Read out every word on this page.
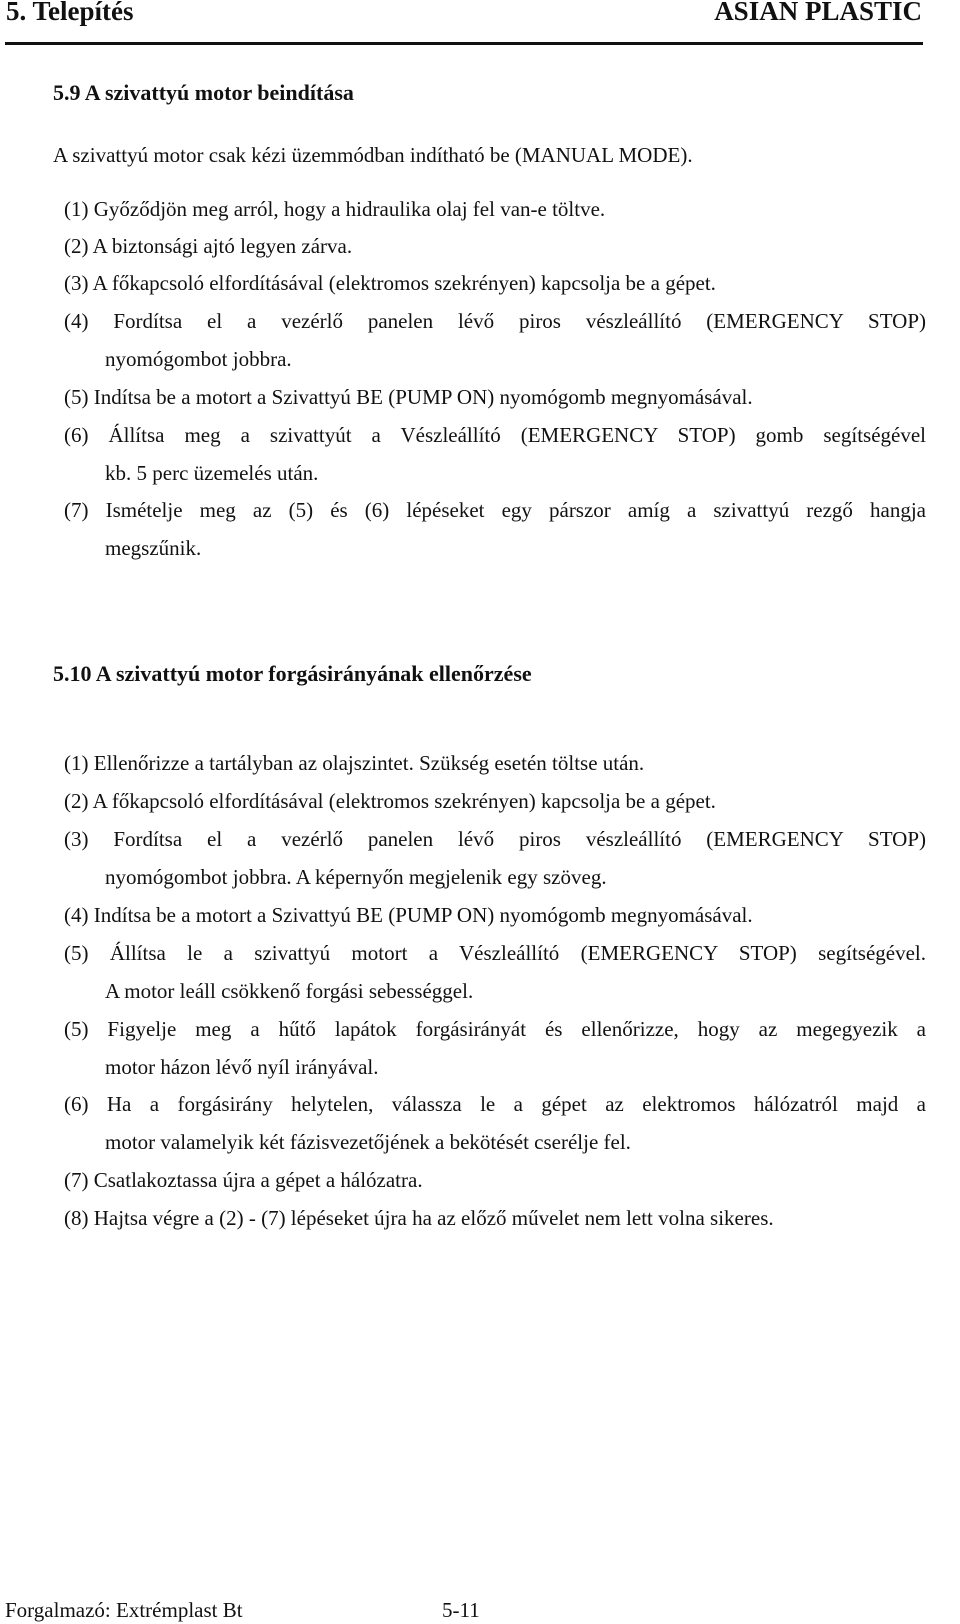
5. Telepítés	ASIAN PLASTIC
5.9 A szivattyú motor beindítása
A szivattyú motor csak kézi üzemmódban indítható be (MANUAL MODE).
(1) Győződjön meg arról, hogy a hidraulika olaj fel van-e töltve.
(2) A biztonsági ajtó legyen zárva.
(3) A főkapcsoló elfordításával (elektromos szekrényen) kapcsolja be a gépet.
(4) Fordítsa el a vezérlő panelen lévő piros vészleállító (EMERGENCY STOP)
nyomógombot jobbra.
(5) Indítsa be a motort a Szivattyú BE (PUMP ON) nyomógomb megnyomásával.
(6) Állítsa meg a szivattyút a Vészleállító (EMERGENCY STOP) gomb segítségével
kb. 5 perc üzemelés után.
(7) Ismételje meg az (5) és (6) lépéseket egy párszor amíg a szivattyú rezgő hangja
megszűnik.
5.10 A szivattyú motor forgásirányának ellenőrzése
(1) Ellenőrizze a tartályban az olajszintet. Szükség esetén töltse után.
(2) A főkapcsoló elfordításával (elektromos szekrényen) kapcsolja be a gépet.
(3) Fordítsa el a vezérlő panelen lévő piros vészleállító (EMERGENCY STOP)
nyomógombot jobbra. A képernyőn megjelenik egy szöveg.
(4) Indítsa be a motort a Szivattyú BE (PUMP ON) nyomógomb megnyomásával.
(5) Állítsa le a szivattyú motort a Vészleállító (EMERGENCY STOP) segítségével.
A motor leáll csökkenő forgási sebességgel.
(5) Figyelje meg a hűtő lapátok forgásirányát és ellenőrizze, hogy az megegyezik a
motor házon lévő nyíl irányával.
(6) Ha a forgásirány helytelen, válassza le a gépet az elektromos hálózatról majd a
motor valamelyik két fázisvezetőjének a bekötését cserélje fel.
(7) Csatlakoztassa újra a gépet a hálózatra.
(8) Hajtsa végre a (2) - (7) lépéseket újra ha az előző művelet nem lett volna sikeres.
Forgalmazó: Extrémplast Bt	5-11
